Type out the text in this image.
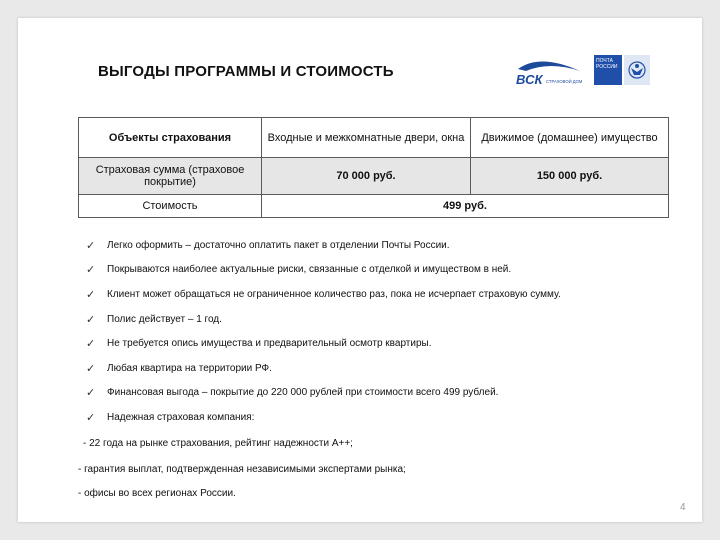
ВЫГОДЫ ПРОГРАММЫ И СТОИМОСТЬ	ВСК СТРАХОВОЙ ДОМ
ПОЧТА РОССИИ
Объекты страхования	Входные и межкомнатные двери, окна	Движимое (домашнее) имущество
Страховая сумма (страховое покрытие)	70 000 руб.	150 000 руб.
Стоимость	499 руб.	
✓	Легко оформить – достаточно оплатить пакет в отделении Почты России.
✓	Покрываются наиболее актуальные риски, связанные с отделкой и имуществом в ней.
✓	Клиент может обращаться не ограниченное количество раз, пока не исчерпает страховую сумму.
✓	Полис действует – 1 год.
✓	Не требуется опись имущества и предварительный осмотр квартиры.
✓	Любая квартира на территории РФ.
✓	Финансовая выгода – покрытие до 220 000 рублей при стоимости всего 499 рублей.
✓	Надежная страховая компания:
- 22 года на рынке страхования, рейтинг надежности А++;
- гарантия выплат, подтвержденная независимыми экспертами рынка;
- офисы во всех регионах России.
4
